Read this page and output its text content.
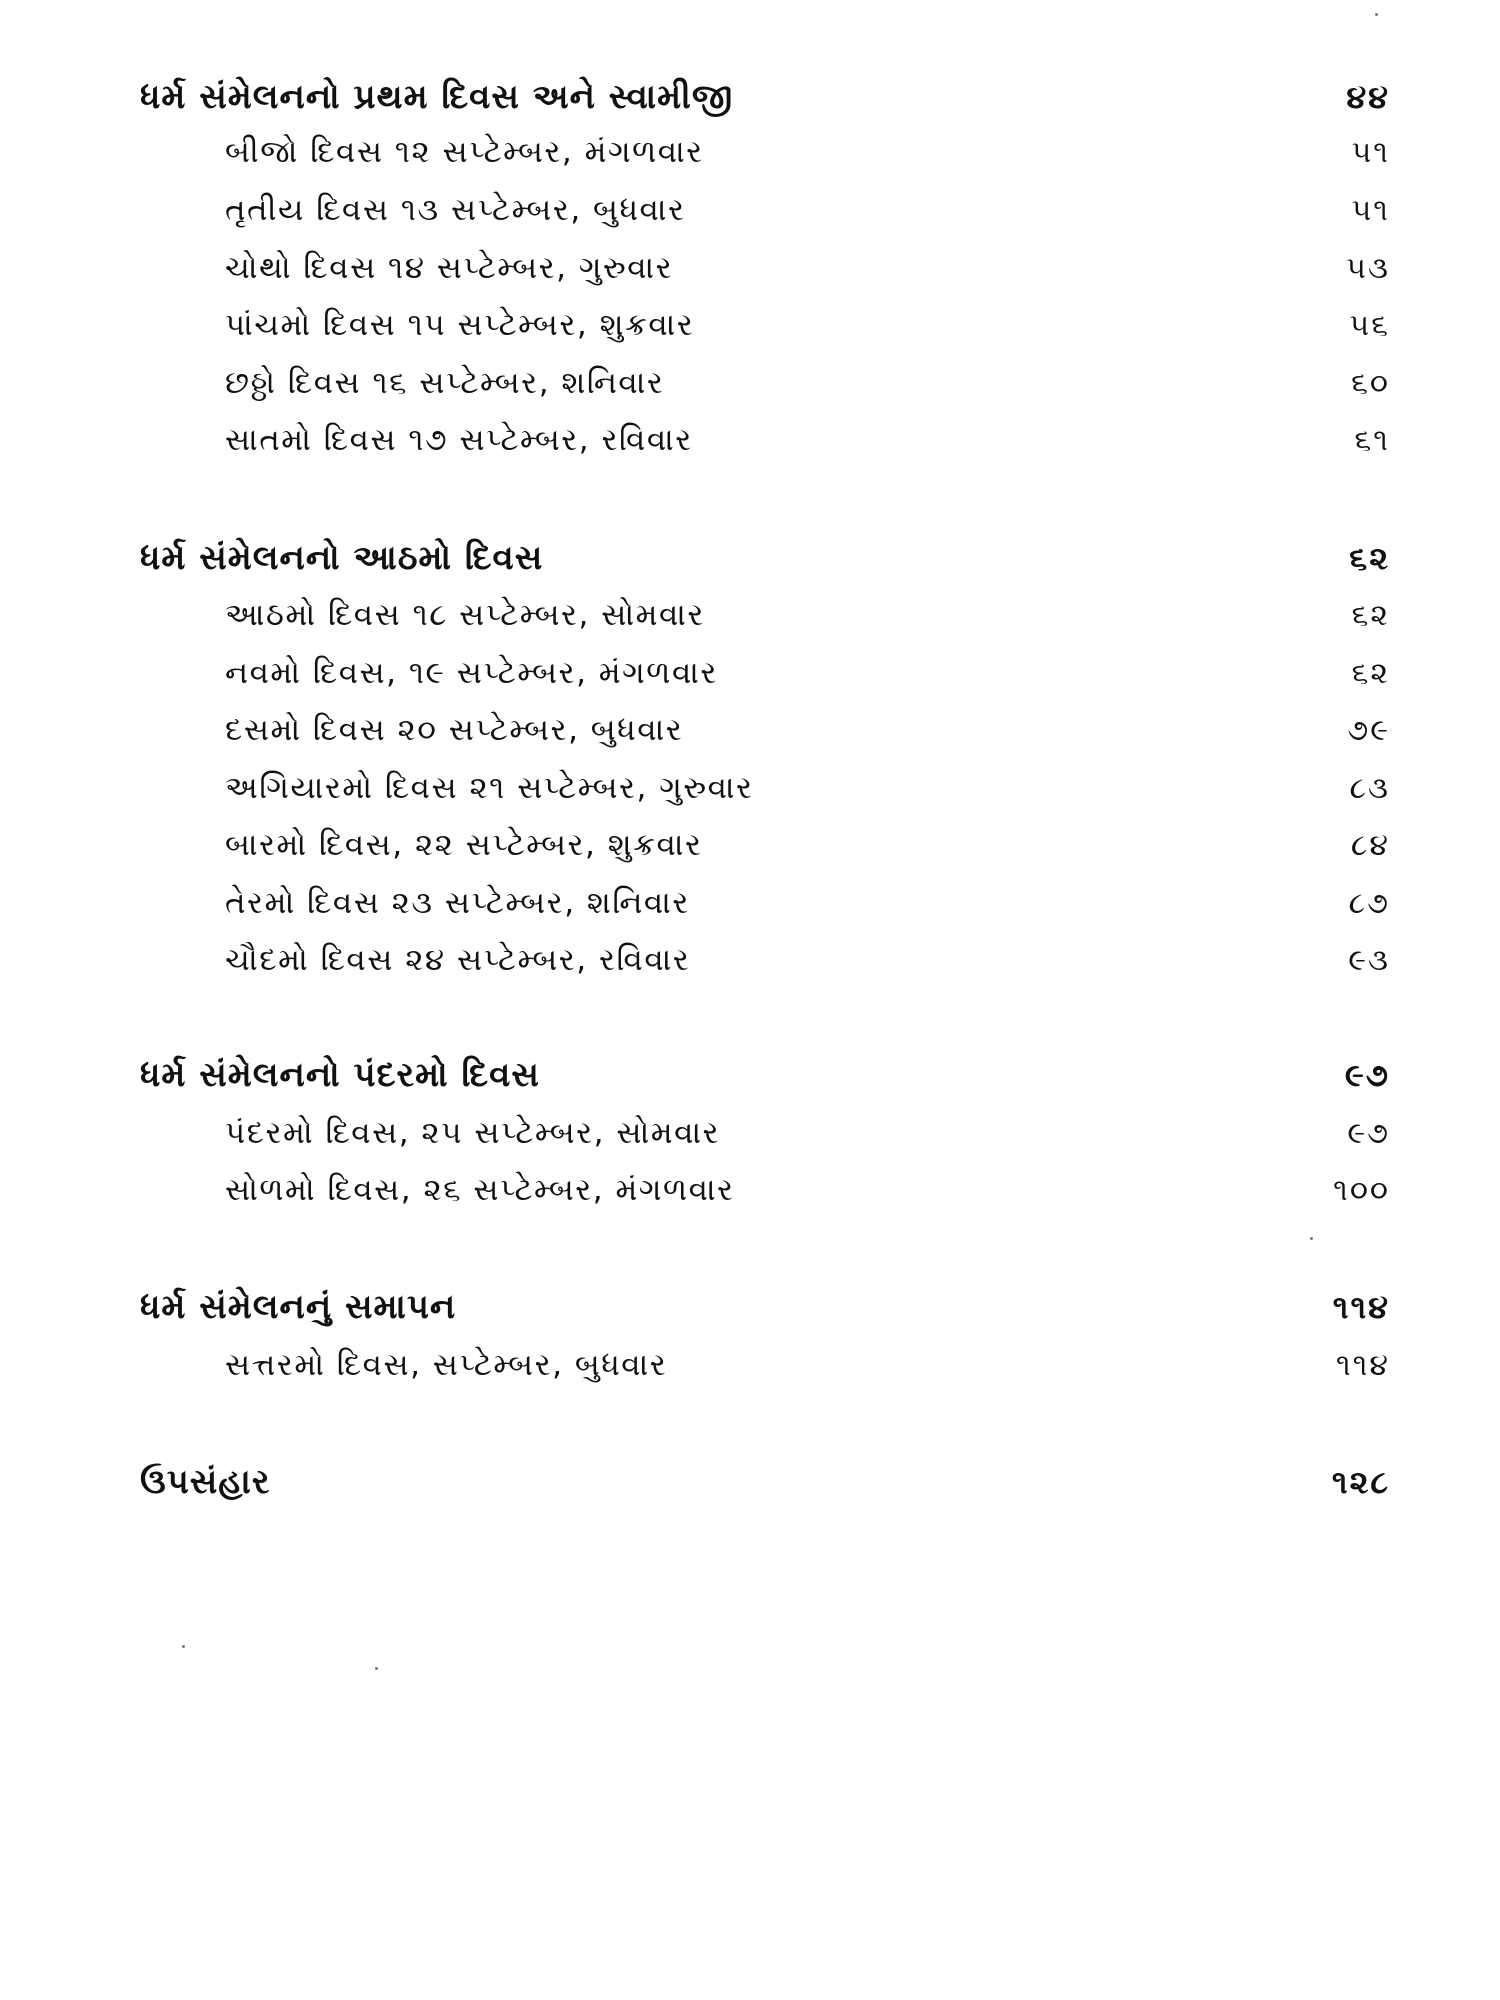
ધર્મ સંમેલનનો પ્રથમ દિવસ અને સ્વામીજી	૪૪
બીજો દિવસ ૧૨ સપ્ટેમ્બર, મંગળવાર	૫૧
તૃતીય દિવસ ૧૩ સપ્ટેમ્બર, બુધવાર	૫૧
ચોથો દિવસ ૧૪ સપ્ટેમ્બર, ગુરુવાર	૫૩
પાંચમો દિવસ ૧૫ સપ્ટેમ્બર, શુક્રવાર	૫૬
છઠ્ઠો દિવસ ૧૬ સપ્ટેમ્બર, શનિવાર	૬૦
સાતમો દિવસ ૧૭ સપ્ટેમ્બર, રવિવાર	૬૧
ધર્મ સંમેલનનો આઠમો દિવસ	૬૨
આઠમો દિવસ ૧૮ સપ્ટેમ્બર, સોમવાર	૬૨
નવમો દિવસ, ૧૯ સપ્ટેમ્બર, મંગળવાર	૬૨
દસમો દિવસ ૨૦ સપ્ટેમ્બર, બુધવાર	૭૯
અગિયારમો દિવસ ૨૧ સપ્ટેમ્બર, ગુરુવાર	૮૩
બારમો દિવસ, ૨૨ સપ્ટેમ્બર, શુક્રવાર	૮૪
તેરમો દિવસ ૨૩ સપ્ટેમ્બર, શનિવાર	૮૭
ચૌદમો દિવસ ૨૪ સપ્ટેમ્બર, રવિવાર	૯૩
ધર્મ સંમેલનનો પંદરમો દિવસ	૯૭
પંદરમો દિવસ, ૨૫ સપ્ટેમ્બર, સોમવાર	૯૭
સોળમો દિવસ, ૨૬ સપ્ટેમ્બર, મંગળવાર	૧૦૦
ધર્મ સંમેલનનું સમાપન	૧૧૪
સત્તરમો દિવસ, સપ્ટેમ્બર, બુધવાર	૧૧૪
ઉપસંહાર	૧૨૮
